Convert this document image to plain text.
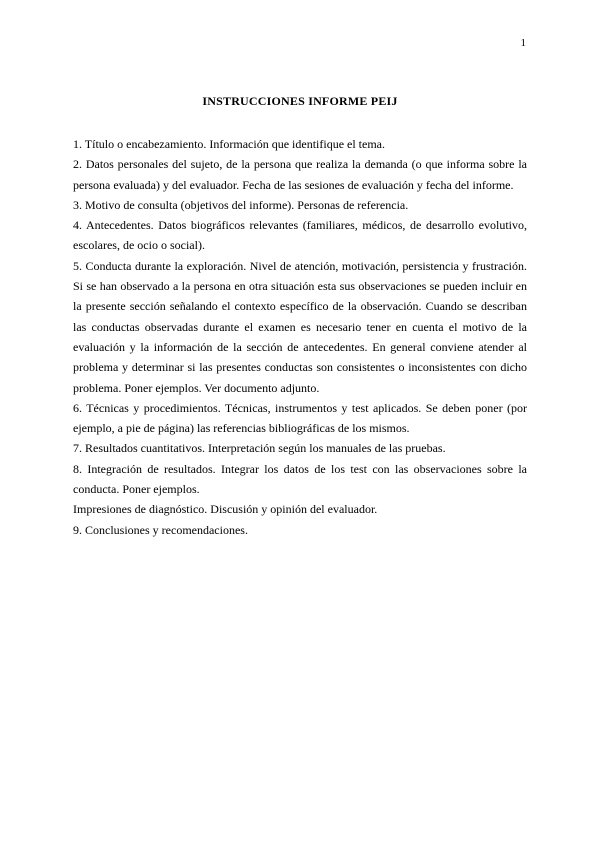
1
INSTRUCCIONES INFORME PEIJ

1. Título o encabezamiento. Información que identifique el tema.

2. Datos personales del sujeto, de la persona que realiza la demanda (o que informa sobre la persona evaluada) y del evaluador. Fecha de las sesiones de evaluación y fecha del informe.

3. Motivo de consulta (objetivos del informe). Personas de referencia.

4. Antecedentes. Datos biográficos relevantes (familiares, médicos, de desarrollo evolutivo, escolares, de ocio o social).

5. Conducta durante la exploración. Nivel de atención, motivación, persistencia y frustración. Si se han observado a la persona en otra situación esta sus observaciones se pueden incluir en la presente sección señalando el contexto específico de la observación. Cuando se describan las conductas observadas durante el examen es necesario tener en cuenta el motivo de la evaluación y la información de la sección de antecedentes. En general conviene atender al problema y determinar si las presentes conductas son consistentes o inconsistentes con dicho problema. Poner ejemplos. Ver documento adjunto.

6. Técnicas y procedimientos. Técnicas, instrumentos y test aplicados. Se deben poner (por ejemplo, a pie de página) las referencias bibliográficas de los mismos.

7. Resultados cuantitativos. Interpretación según los manuales de las pruebas.

8. Integración de resultados. Integrar los datos de los test con las observaciones sobre la conducta. Poner ejemplos.

Impresiones de diagnóstico. Discusión y opinión del evaluador.

9. Conclusiones y recomendaciones.
